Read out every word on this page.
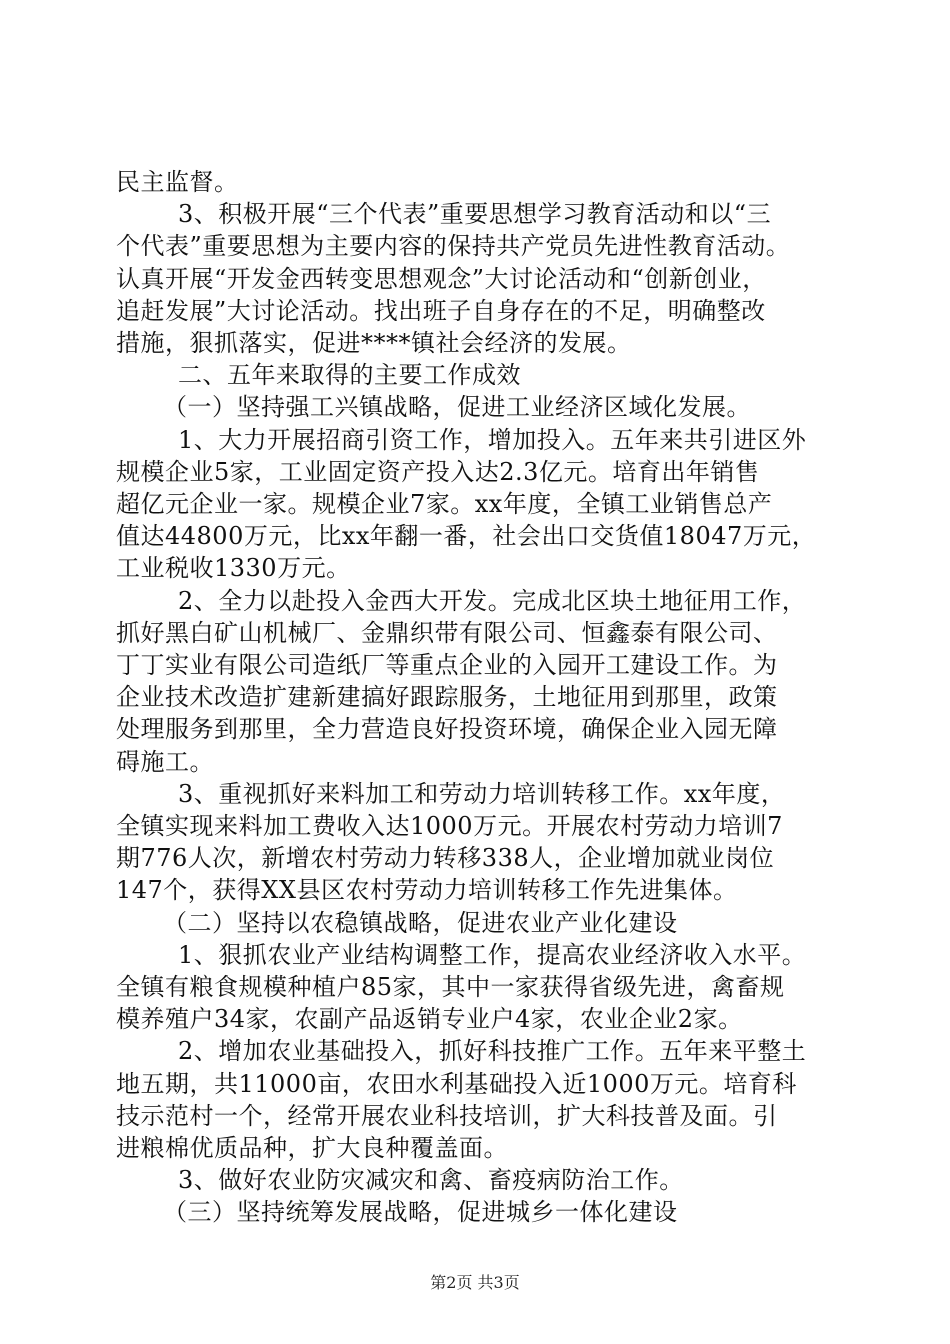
民主监督。
3、积极开展“三个代表”重要思想学习教育活动和以“三
个代表”重要思想为主要内容的保持共产党员先进性教育活动。
认真开展“开发金西转变思想观念”大讨论活动和“创新创业，
追赶发展”大讨论活动。找出班子自身存在的不足，明确整改
措施，狠抓落实，促进****镇社会经济的发展。
二、五年来取得的主要工作成效
（一）坚持强工兴镇战略，促进工业经济区域化发展。
1、大力开展招商引资工作，增加投入。五年来共引进区外
规模企业5家，工业固定资产投入达2.3亿元。培育出年销售
超亿元企业一家。规模企业7家。xx年度，全镇工业销售总产
值达44800万元，比xx年翻一番，社会出口交货值18047万元，
工业税收1330万元。
2、全力以赴投入金西大开发。完成北区块土地征用工作，
抓好黑白矿山机械厂、金鼎织带有限公司、恒鑫泰有限公司、
丁丁实业有限公司造纸厂等重点企业的入园开工建设工作。为
企业技术改造扩建新建搞好跟踪服务，土地征用到那里，政策
处理服务到那里，全力营造良好投资环境，确保企业入园无障
碍施工。
3、重视抓好来料加工和劳动力培训转移工作。xx年度，
全镇实现来料加工费收入达1000万元。开展农村劳动力培训7
期776人次，新增农村劳动力转移338人，企业增加就业岗位
147个，获得XX县区农村劳动力培训转移工作先进集体。
（二）坚持以农稳镇战略，促进农业产业化建设
1、狠抓农业产业结构调整工作，提高农业经济收入水平。
全镇有粮食规模种植户85家，其中一家获得省级先进，禽畜规
模养殖户34家，农副产品返销专业户4家，农业企业2家。
2、增加农业基础投入，抓好科技推广工作。五年来平整土
地五期，共11000亩，农田水利基础投入近1000万元。培育科
技示范村一个，经常开展农业科技培训，扩大科技普及面。引
进粮棉优质品种，扩大良种覆盖面。
3、做好农业防灾减灾和禽、畜疫病防治工作。
（三）坚持统筹发展战略，促进城乡一体化建设
第2页 共3页
